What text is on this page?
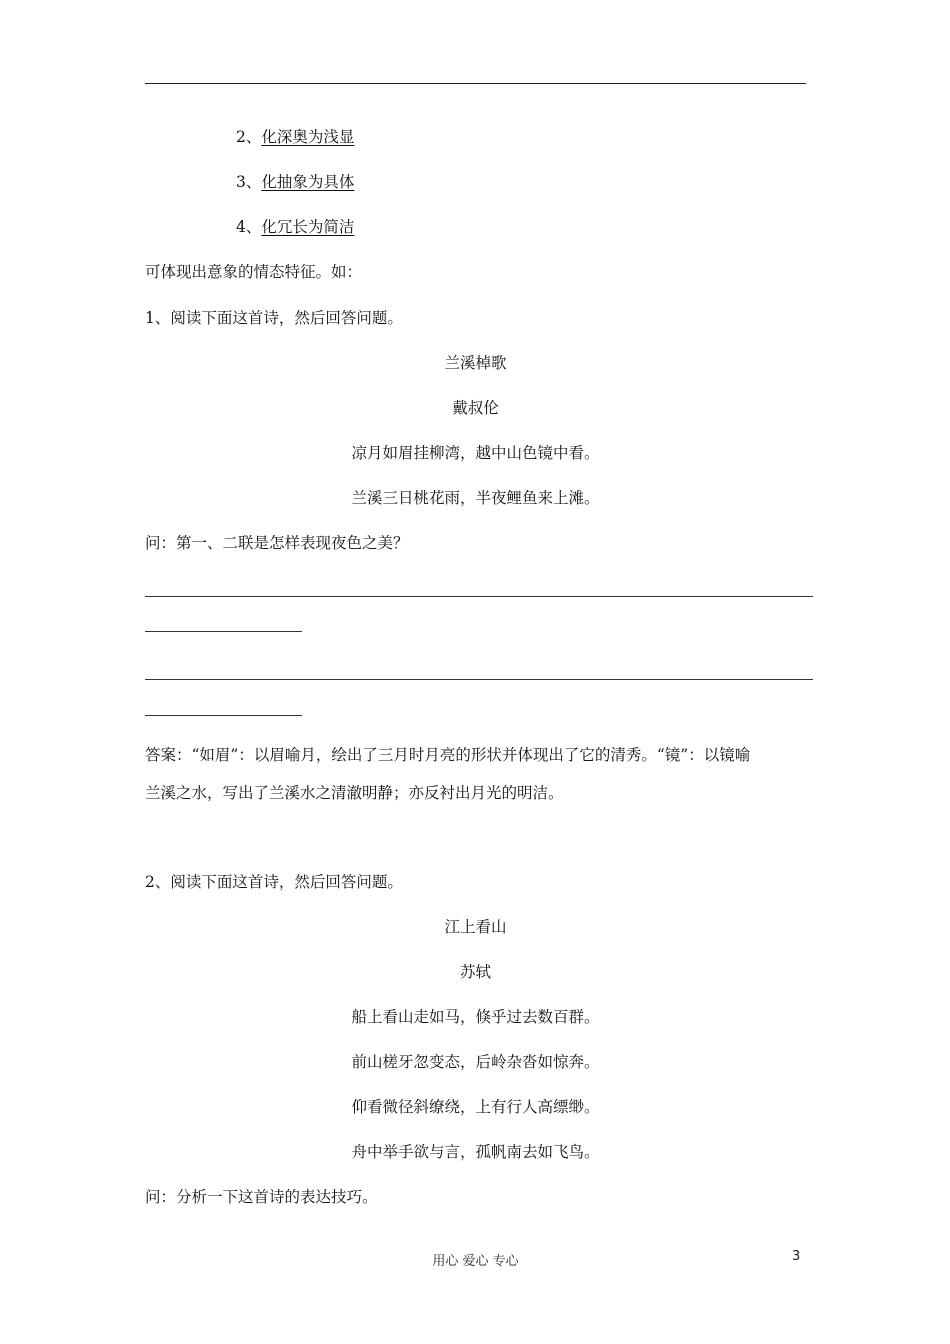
2、化深奥为浅显
3、化抽象为具体
4、化冗长为简洁
可体现出意象的情态特征。如：
1、阅读下面这首诗，然后回答问题。
兰溪棹歌
戴叔伦
凉月如眉挂柳湾，越中山色镜中看。
兰溪三日桃花雨，半夜鲤鱼来上滩。
问：第一、二联是怎样表现夜色之美？
答案：“如眉”：以眉喻月，绘出了三月时月亮的形状并体现出了它的清秀。“镜”：以镜喻
兰溪之水，写出了兰溪水之清澈明静；亦反衬出月光的明洁。
2、阅读下面这首诗，然后回答问题。
江上看山
苏轼
船上看山走如马，倏乎过去数百群。
前山槎牙忽变态，后岭杂沓如惊奔。
仰看微径斜缭绕，上有行人高缥缈。
舟中举手欲与言，孤帆南去如飞鸟。
问：分析一下这首诗的表达技巧。
用心 爱心 专心	3
